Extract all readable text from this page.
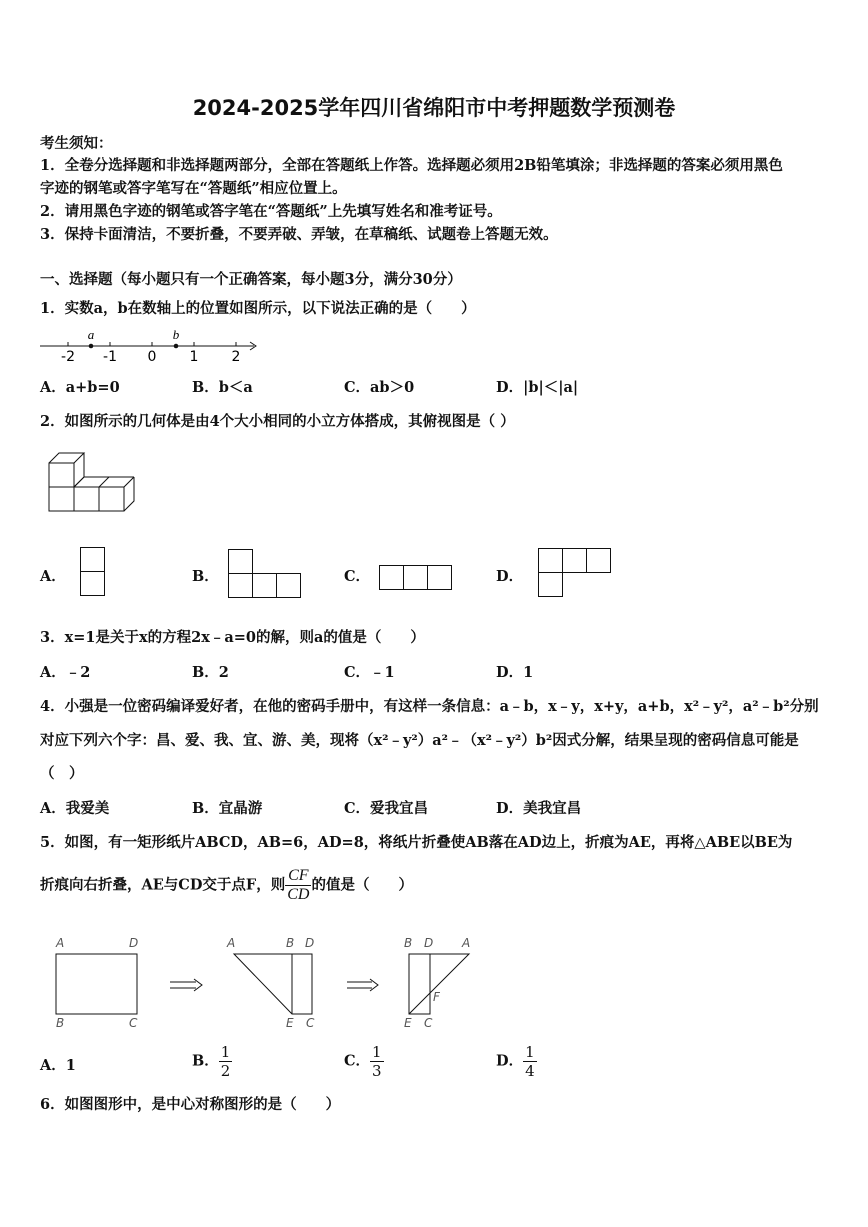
2024-2025学年四川省绵阳市中考押题数学预测卷
考生须知：
1．全卷分选择题和非选择题两部分，全部在答题纸上作答。选择题必须用2B铅笔填涂；非选择题的答案必须用黑色
字迹的钢笔或答字笔写在“答题纸”相应位置上。
2．请用黑色字迹的钢笔或答字笔在“答题纸”上先填写姓名和准考证号。
3．保持卡面清洁，不要折叠，不要弄破、弄皱，在草稿纸、试题卷上答题无效。
一、选择题（每小题只有一个正确答案，每小题3分，满分30分）
1．实数a，b在数轴上的位置如图所示，以下说法正确的是（　　）
a	b
-2 -1 0 1 2
A．a+b=0	B．b＜a	C．ab＞0	D．|b|＜|a|
2．如图所示的几何体是由4个大小相同的小立方体搭成，其俯视图是（ ）
A．	B．	C．	D．
3．x=1是关于x的方程2x﹣a=0的解，则a的值是（　　）
A．﹣2	B．2	C．﹣1	D．1
4．小强是一位密码编译爱好者，在他的密码手册中，有这样一条信息：a﹣b，x﹣y，x+y，a+b，x²﹣y²，a²﹣b²分别
对应下列六个字：昌、爱、我、宜、游、美，现将（x²﹣y²）a²﹣（x²﹣y²）b²因式分解，结果呈现的密码信息可能是
（　）
A．我爱美	B．宜晶游	C．爱我宜昌	D．美我宜昌
5．如图，有一矩形纸片ABCD，AB=6，AD=8，将纸片折叠使AB落在AD边上，折痕为AE，再将△ABE以BE为
折痕向右折叠，AE与CD交于点F，则 $\frac{CF}{CD}$ 的值是（　　）
A	D
B	C
A	B D
E C
B D A
F
E C
A．1	B． $\frac{1}{2}$	C． $\frac{1}{3}$	D． $\frac{1}{4}$
6．如图图形中，是中心对称图形的是（　　）
